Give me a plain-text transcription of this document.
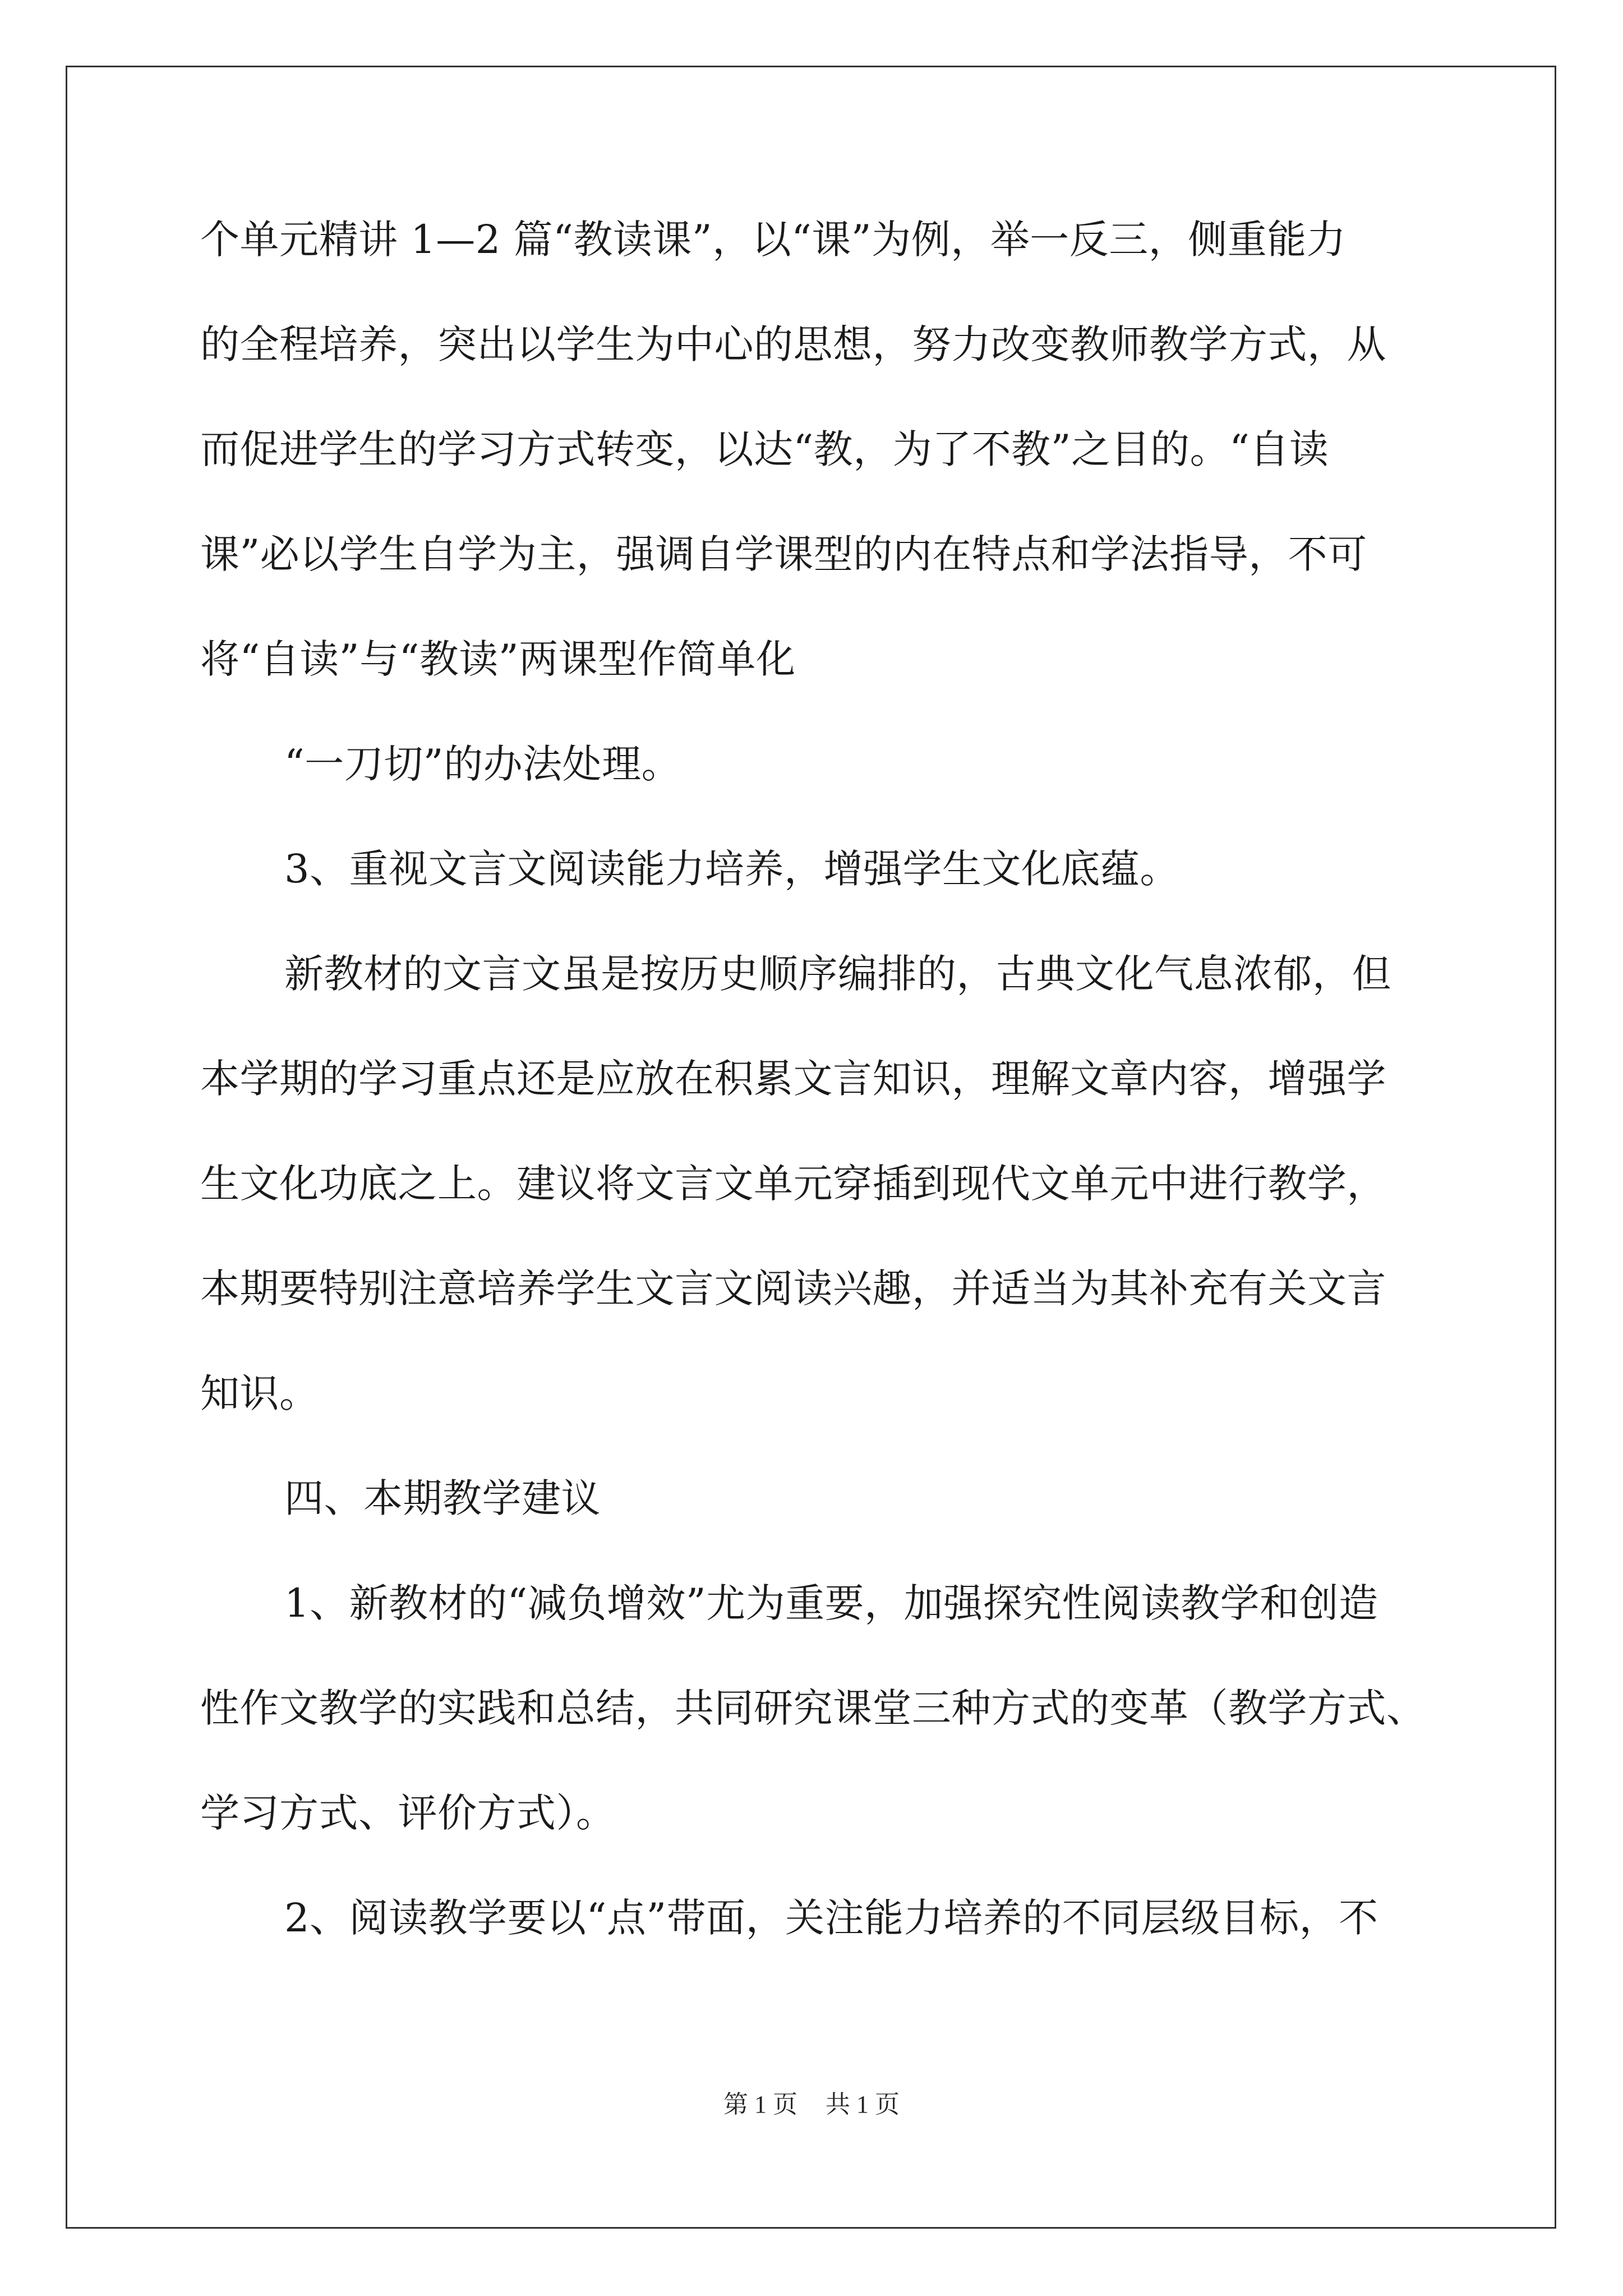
个单元精讲 1—2 篇“教读课”，以“课”为例，举一反三，侧重能力

的全程培养，突出以学生为中心的思想，努力改变教师教学方式，从

而促进学生的学习方式转变，以达“教，为了不教”之目的。“自读

课”必以学生自学为主，强调自学课型的内在特点和学法指导，不可

将“自读”与“教读”两课型作简单化

“一刀切”的办法处理。

3、重视文言文阅读能力培养，增强学生文化底蕴。

新教材的文言文虽是按历史顺序编排的，古典文化气息浓郁，但

本学期的学习重点还是应放在积累文言知识，理解文章内容，增强学

生文化功底之上。建议将文言文单元穿插到现代文单元中进行教学，

本期要特别注意培养学生文言文阅读兴趣，并适当为其补充有关文言

知识。

四、本期教学建议

1、新教材的“减负增效”尤为重要，加强探究性阅读教学和创造

性作文教学的实践和总结，共同研究课堂三种方式的变革（教学方式、

学习方式、评价方式）。

2、阅读教学要以“点”带面，关注能力培养的不同层级目标，不

第 1 页 共 1 页
